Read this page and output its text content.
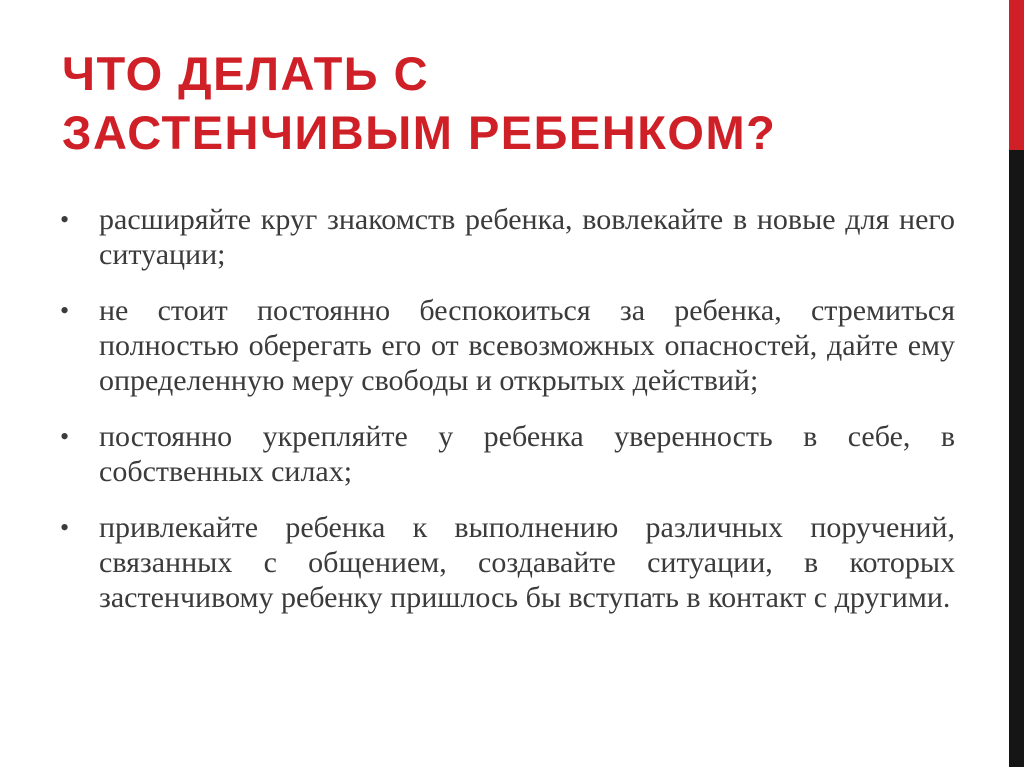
ЧТО ДЕЛАТЬ С
ЗАСТЕНЧИВЫМ РЕБЕНКОМ?
• расширяйте круг знакомств ребенка, вовлекайте в новые для него ситуации;
• не стоит постоянно беспокоиться за ребенка, стремиться полностью оберегать его от всевозможных опасностей, дайте ему определенную меру свободы и открытых действий;
• постоянно укрепляйте у ребенка уверенность в себе, в собственных силах;
• привлекайте ребенка к выполнению различных поручений, связанных с общением, создавайте ситуации, в которых застенчивому ребенку пришлось бы вступать в контакт с другими.
